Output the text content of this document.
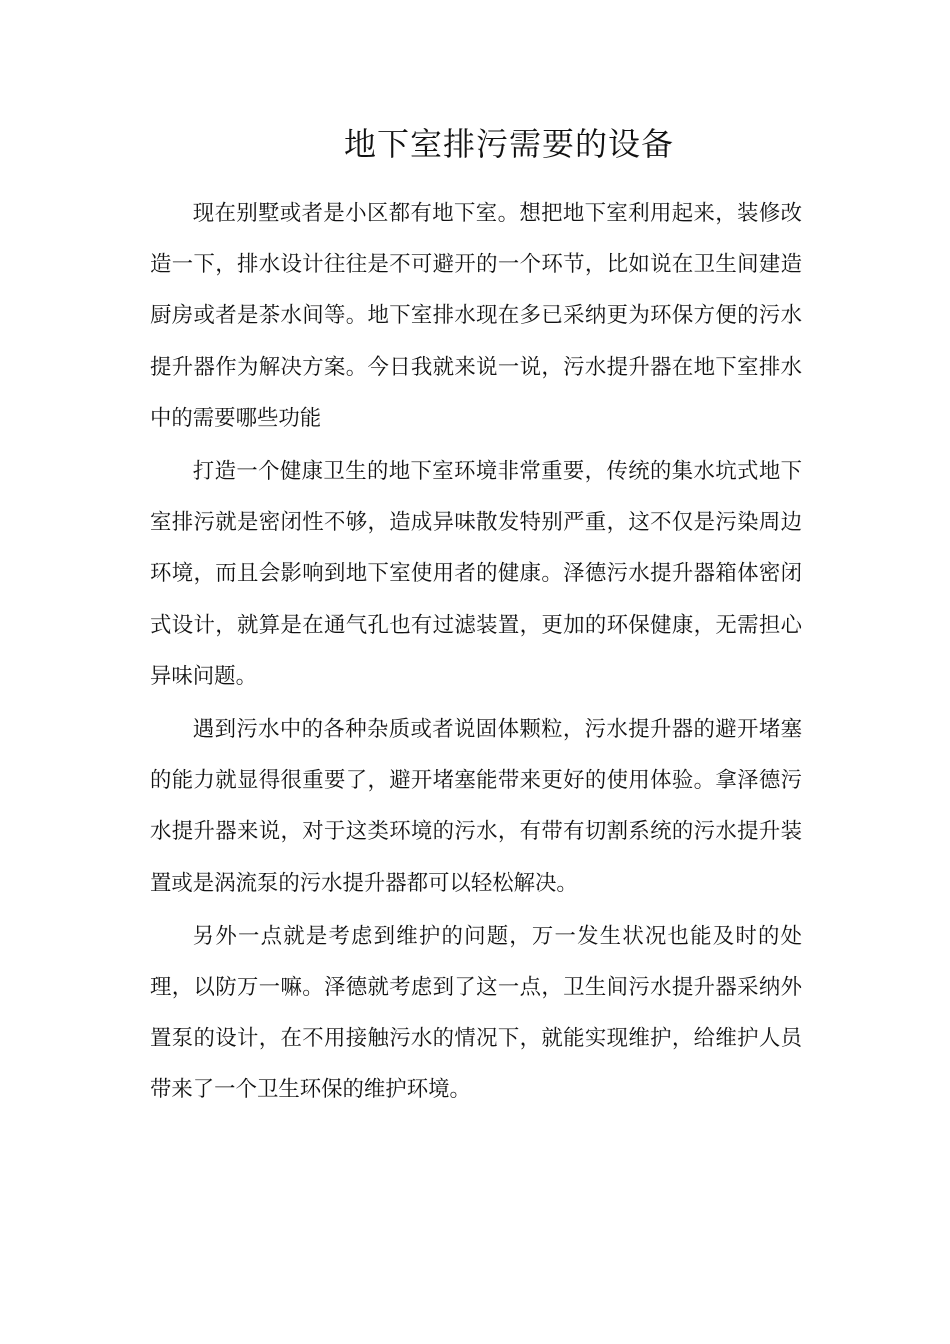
地下室排污需要的设备

现在别墅或者是小区都有地下室。想把地下室利用起来，装修改造一下，排水设计往往是不可避开的一个环节，比如说在卫生间建造厨房或者是茶水间等。地下室排水现在多已采纳更为环保方便的污水提升器作为解决方案。今日我就来说一说，污水提升器在地下室排水中的需要哪些功能

打造一个健康卫生的地下室环境非常重要，传统的集水坑式地下室排污就是密闭性不够，造成异味散发特别严重，这不仅是污染周边环境，而且会影响到地下室使用者的健康。泽德污水提升器箱体密闭式设计，就算是在通气孔也有过滤装置，更加的环保健康，无需担心异味问题。

遇到污水中的各种杂质或者说固体颗粒，污水提升器的避开堵塞的能力就显得很重要了，避开堵塞能带来更好的使用体验。拿泽德污水提升器来说，对于这类环境的污水，有带有切割系统的污水提升装置或是涡流泵的污水提升器都可以轻松解决。

另外一点就是考虑到维护的问题，万一发生状况也能及时的处理，以防万一嘛。泽德就考虑到了这一点，卫生间污水提升器采纳外置泵的设计，在不用接触污水的情况下，就能实现维护，给维护人员带来了一个卫生环保的维护环境。
